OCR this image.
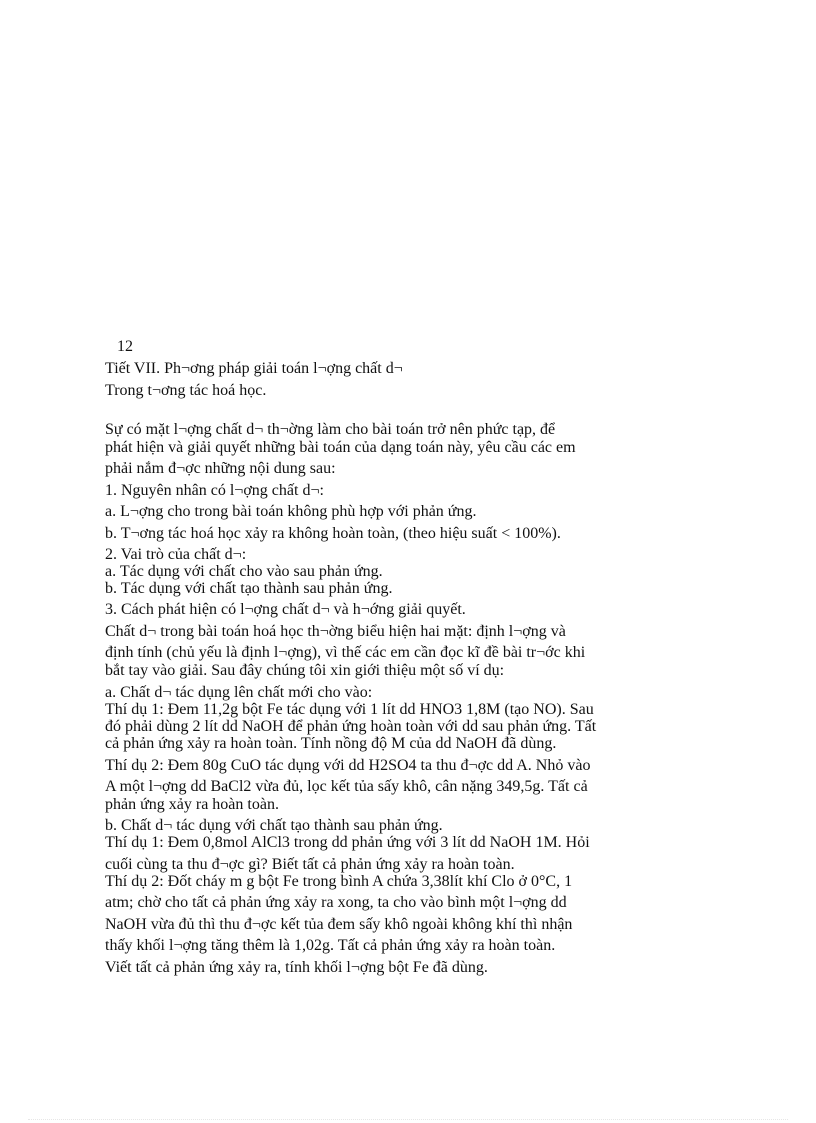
12
Tiết VII. Ph¬ơng pháp giải toán l¬ợng chất d¬
Trong t¬ơng tác hoá học.
Sự có mặt l¬ợng chất d¬ th¬ờng làm cho bài toán trở nên phức tạp, để
phát hiện và giải quyết những bài toán của dạng toán này, yêu cầu các em
phải nắm đ¬ợc những nội dung sau:
1. Nguyên nhân có l¬ợng chất d¬:
a. L¬ợng cho trong bài toán không phù hợp với phản ứng.
b. T¬ơng tác hoá học xảy ra không hoàn toàn, (theo hiệu suất < 100%).
2. Vai trò của chất d¬:
a. Tác dụng với chất cho vào sau phản ứng.
b. Tác dụng với chất tạo thành sau phản ứng.
3. Cách phát hiện có l¬ợng chất d¬ và h¬ớng giải quyết.
Chất d¬ trong bài toán hoá học th¬ờng biểu hiện hai mặt: định l¬ợng và
định tính (chủ yếu là định l¬ợng), vì thế các em cần đọc kĩ đề bài tr¬ớc khi
bắt tay vào giải. Sau đây chúng tôi xin giới thiệu một số ví dụ:
a. Chất d¬ tác dụng lên chất mới cho vào:
Thí dụ 1: Đem 11,2g bột Fe tác dụng với 1 lít dd HNO3 1,8M (tạo NO). Sau
đó phải dùng 2 lít dd NaOH để phản ứng hoàn toàn với dd sau phản ứng. Tất
cả phản ứng xảy ra hoàn toàn. Tính nồng độ M của dd NaOH đã dùng.
Thí dụ 2: Đem 80g CuO tác dụng với dd H2SO4 ta thu đ¬ợc dd A. Nhỏ vào
A một l¬ợng dd BaCl2 vừa đủ, lọc kết tủa sấy khô, cân nặng 349,5g. Tất cả
phản ứng xảy ra hoàn toàn.
b. Chất d¬ tác dụng với chất tạo thành sau phản ứng.
Thí dụ 1: Đem 0,8mol AlCl3 trong dd phản ứng với 3 lít dd NaOH 1M. Hỏi
cuối cùng ta thu đ¬ợc gì? Biết tất cả phản ứng xảy ra hoàn toàn.
Thí dụ 2: Đốt cháy m g bột Fe trong bình A chứa 3,38lít khí Clo ở 0°C, 1
atm; chờ cho tất cả phản ứng xảy ra xong, ta cho vào bình một l¬ợng dd
NaOH vừa đủ thì thu đ¬ợc kết tủa đem sấy khô ngoài không khí thì nhận
thấy khối l¬ợng tăng thêm là 1,02g. Tất cả phản ứng xảy ra hoàn toàn.
Viết tất cả phản ứng xảy ra, tính khối l¬ợng bột Fe đã dùng.
